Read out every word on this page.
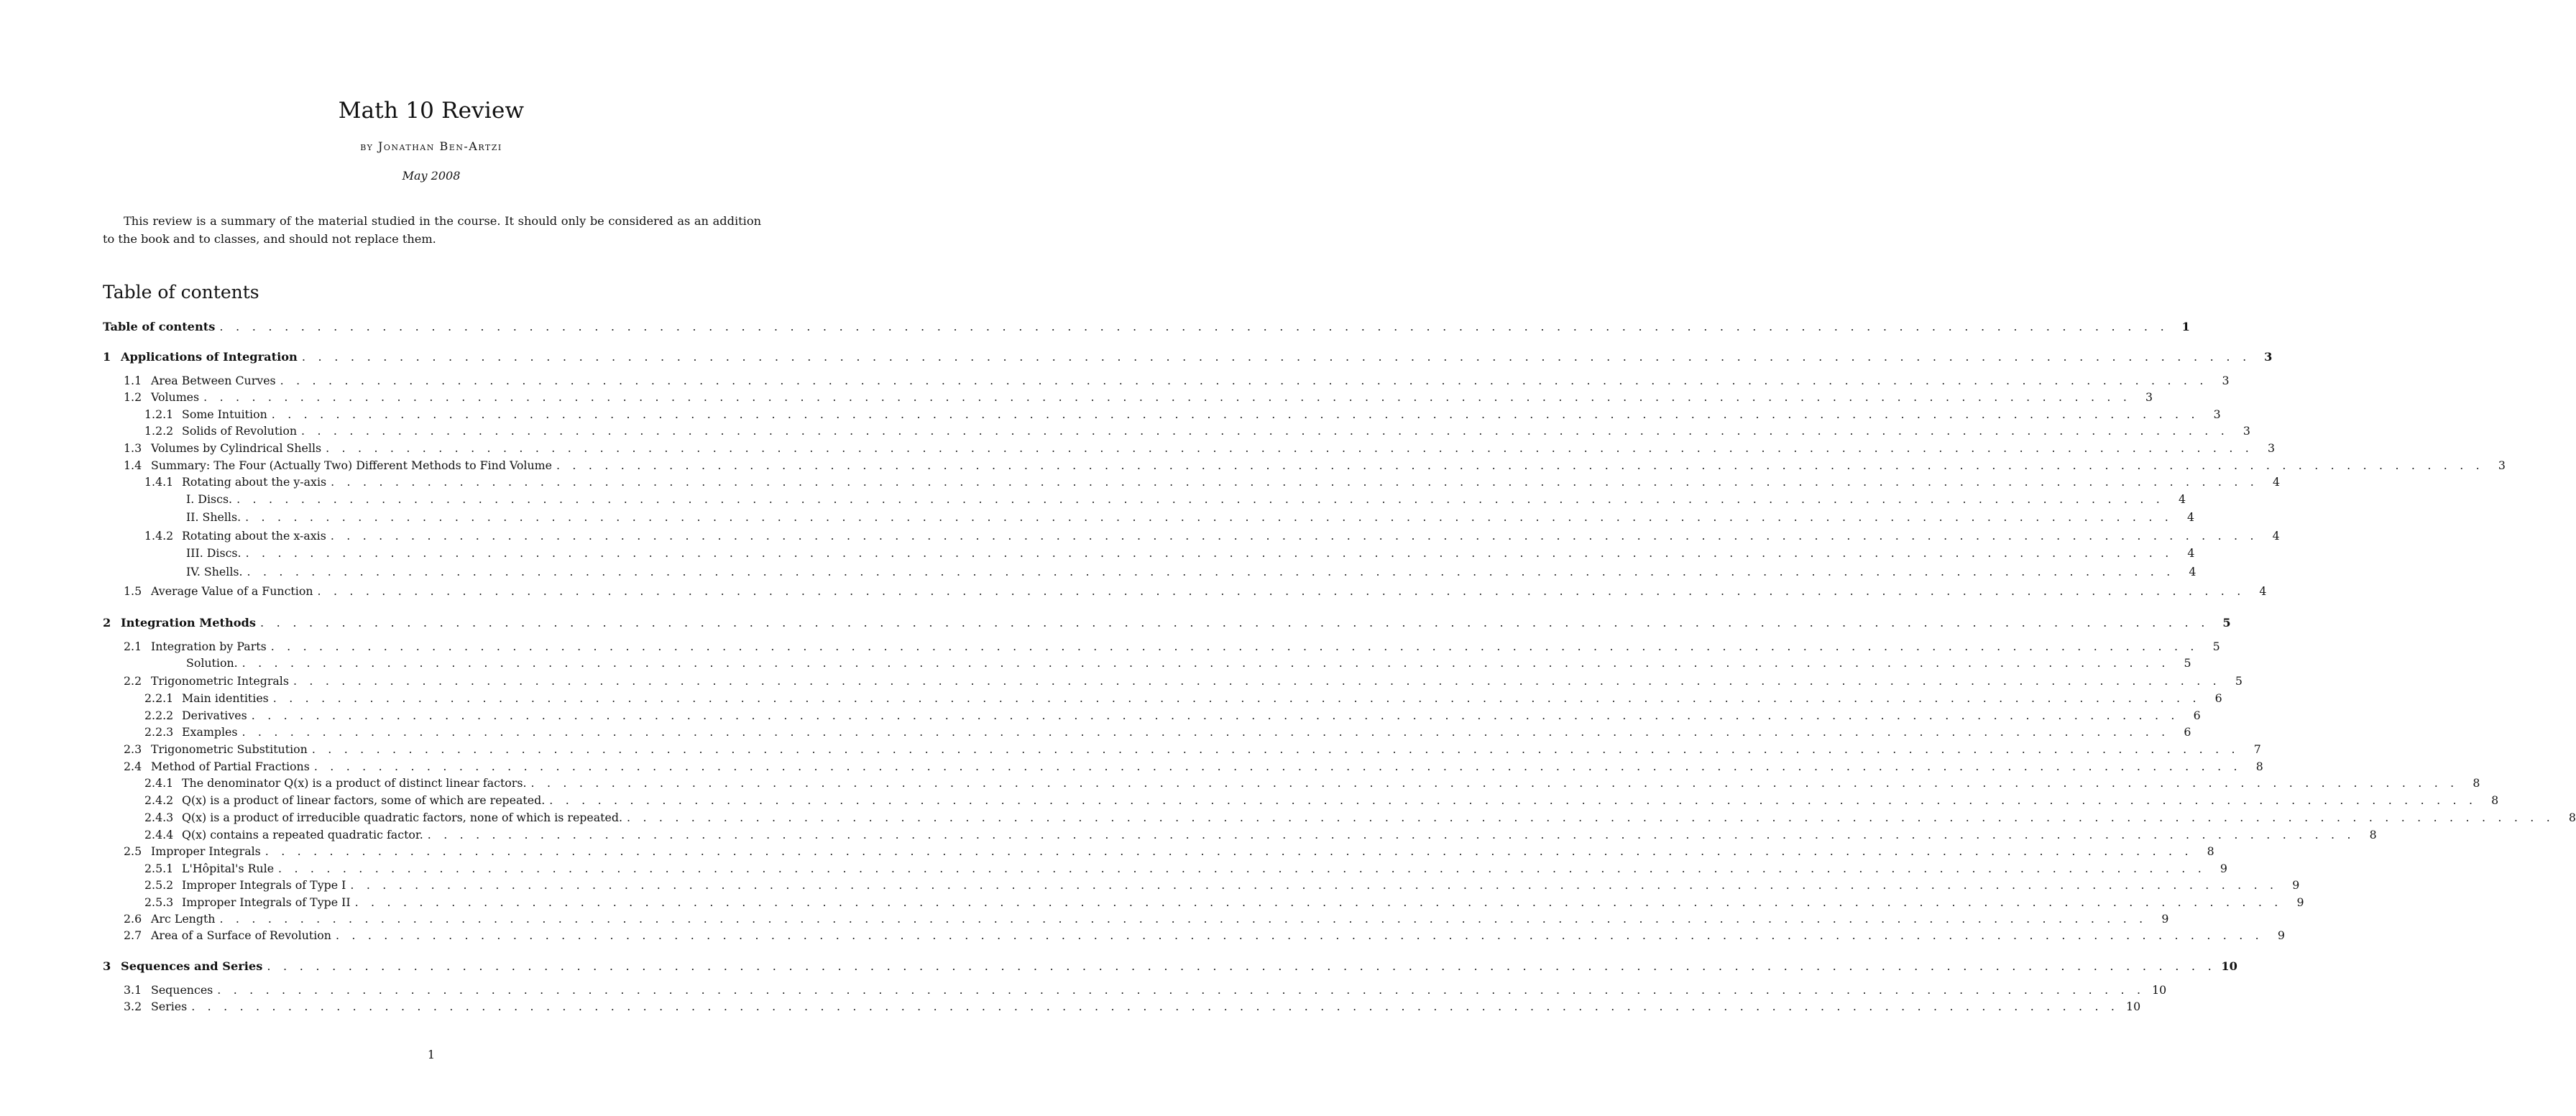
Math 10 Review
by Jonathan Ben-Artzi
May 2008

This review is a summary of the material studied in the course. It should only be considered as an addition to the book and to classes, and should not replace them.

Table of contents
Table of contents . . . . . . . . . . . . . . . . . . . . . . . . . . . . . . . . . . . . . . . . . . . . . . . . . . . . . . . . . . . . . . . . . . . . . . . . . . . . . . . . . . . . . . . . . . . . . . . . . . . . . . . . . . . . . . . . . . . . . . . .	1
1 Applications of Integration . . . . . . . . . . . . . . . . . . . . . . . . . . . . . . . . . . . . . . . . . . . . . . . . . . . . . . . . . . . . . . . . . . . . . . . . . . . . . . . . . . . . . . . . . . . . . . . . . . . . . . . . . . . . . . . . . . . . . . . .	3
1.1 Area Between Curves . . . . . . . . . . . . . . . . . . . . . . . . . . . . . . . . . . . . . . . . . . . . . . . . . . . . . . . . . . . . . . . . . . . . . . . . . . . . . . . . . . . . . . . . . . . . . . . . . . . . . . . . . . . . . . . . . . . . . . . .	3
1.2 Volumes . . . . . . . . . . . . . . . . . . . . . . . . . . . . . . . . . . . . . . . . . . . . . . . . . . . . . . . . . . . . . . . . . . . . . . . . . . . . . . . . . . . . . . . . . . . . . . . . . . . . . . . . . . . . . . . . . . . . . . . .	3
1.2.1 Some Intuition . . . . . . . . . . . . . . . . . . . . . . . . . . . . . . . . . . . . . . . . . . . . . . . . . . . . . . . . . . . . . . . . . . . . . . . . . . . . . . . . . . . . . . . . . . . . . . . . . . . . . . . . . . . . . . . . . . . . . . . .	3
1.2.2 Solids of Revolution . . . . . . . . . . . . . . . . . . . . . . . . . . . . . . . . . . . . . . . . . . . . . . . . . . . . . . . . . . . . . . . . . . . . . . . . . . . . . . . . . . . . . . . . . . . . . . . . . . . . . . . . . . . . . . . . . . . . . . . .	3
1.3 Volumes by Cylindrical Shells . . . . . . . . . . . . . . . . . . . . . . . . . . . . . . . . . . . . . . . . . . . . . . . . . . . . . . . . . . . . . . . . . . . . . . . . . . . . . . . . . . . . . . . . . . . . . . . . . . . . . . . . . . . . . . . . . . . . . . . .	3
1.4 Summary: The Four (Actually Two) Different Methods to Find Volume . . . . . . . . . . . . . . . . . . . . . . . . . . . . . . . . . . . . . . . . . . . . . . . . . . . . . . . . . . . . . . . . . . . . . . . . . . . . . . . . . . . . . . . . . . . . . . . . . . . . . . . . . . . . . . . . . . . . . . . .	3
1.4.1 Rotating about the y-axis . . . . . . . . . . . . . . . . . . . . . . . . . . . . . . . . . . . . . . . . . . . . . . . . . . . . . . . . . . . . . . . . . . . . . . . . . . . . . . . . . . . . . . . . . . . . . . . . . . . . . . . . . . . . . . . . . . . . . . . .	4
I. Discs. . . . . . . . . . . . . . . . . . . . . . . . . . . . . . . . . . . . . . . . . . . . . . . . . . . . . . . . . . . . . . . . . . . . . . . . . . . . . . . . . . . . . . . . . . . . . . . . . . . . . . . . . . . . . . . . . . . . . . . . .	4
II. Shells. . . . . . . . . . . . . . . . . . . . . . . . . . . . . . . . . . . . . . . . . . . . . . . . . . . . . . . . . . . . . . . . . . . . . . . . . . . . . . . . . . . . . . . . . . . . . . . . . . . . . . . . . . . . . . . . . . . . . . . . .	4
1.4.2 Rotating about the x-axis . . . . . . . . . . . . . . . . . . . . . . . . . . . . . . . . . . . . . . . . . . . . . . . . . . . . . . . . . . . . . . . . . . . . . . . . . . . . . . . . . . . . . . . . . . . . . . . . . . . . . . . . . . . . . . . . . . . . . . . .	4
III. Discs. . . . . . . . . . . . . . . . . . . . . . . . . . . . . . . . . . . . . . . . . . . . . . . . . . . . . . . . . . . . . . . . . . . . . . . . . . . . . . . . . . . . . . . . . . . . . . . . . . . . . . . . . . . . . . . . . . . . . . . . .	4
IV. Shells. . . . . . . . . . . . . . . . . . . . . . . . . . . . . . . . . . . . . . . . . . . . . . . . . . . . . . . . . . . . . . . . . . . . . . . . . . . . . . . . . . . . . . . . . . . . . . . . . . . . . . . . . . . . . . . . . . . . . . . . .	4
1.5 Average Value of a Function . . . . . . . . . . . . . . . . . . . . . . . . . . . . . . . . . . . . . . . . . . . . . . . . . . . . . . . . . . . . . . . . . . . . . . . . . . . . . . . . . . . . . . . . . . . . . . . . . . . . . . . . . . . . . . . . . . . . . . . .	4
2 Integration Methods . . . . . . . . . . . . . . . . . . . . . . . . . . . . . . . . . . . . . . . . . . . . . . . . . . . . . . . . . . . . . . . . . . . . . . . . . . . . . . . . . . . . . . . . . . . . . . . . . . . . . . . . . . . . . . . . . . . . . . . .	5
2.1 Integration by Parts . . . . . . . . . . . . . . . . . . . . . . . . . . . . . . . . . . . . . . . . . . . . . . . . . . . . . . . . . . . . . . . . . . . . . . . . . . . . . . . . . . . . . . . . . . . . . . . . . . . . . . . . . . . . . . . . . . . . . . . .	5
Solution. . . . . . . . . . . . . . . . . . . . . . . . . . . . . . . . . . . . . . . . . . . . . . . . . . . . . . . . . . . . . . . . . . . . . . . . . . . . . . . . . . . . . . . . . . . . . . . . . . . . . . . . . . . . . . . . . . . . . . . . .	5
2.2 Trigonometric Integrals . . . . . . . . . . . . . . . . . . . . . . . . . . . . . . . . . . . . . . . . . . . . . . . . . . . . . . . . . . . . . . . . . . . . . . . . . . . . . . . . . . . . . . . . . . . . . . . . . . . . . . . . . . . . . . . . . . . . . . . .	5
2.2.1 Main identities . . . . . . . . . . . . . . . . . . . . . . . . . . . . . . . . . . . . . . . . . . . . . . . . . . . . . . . . . . . . . . . . . . . . . . . . . . . . . . . . . . . . . . . . . . . . . . . . . . . . . . . . . . . . . . . . . . . . . . . .	6
2.2.2 Derivatives . . . . . . . . . . . . . . . . . . . . . . . . . . . . . . . . . . . . . . . . . . . . . . . . . . . . . . . . . . . . . . . . . . . . . . . . . . . . . . . . . . . . . . . . . . . . . . . . . . . . . . . . . . . . . . . . . . . . . . . .	6
2.2.3 Examples . . . . . . . . . . . . . . . . . . . . . . . . . . . . . . . . . . . . . . . . . . . . . . . . . . . . . . . . . . . . . . . . . . . . . . . . . . . . . . . . . . . . . . . . . . . . . . . . . . . . . . . . . . . . . . . . . . . . . . . .	6
2.3 Trigonometric Substitution . . . . . . . . . . . . . . . . . . . . . . . . . . . . . . . . . . . . . . . . . . . . . . . . . . . . . . . . . . . . . . . . . . . . . . . . . . . . . . . . . . . . . . . . . . . . . . . . . . . . . . . . . . . . . . . . . . . . . . . .	7
2.4 Method of Partial Fractions . . . . . . . . . . . . . . . . . . . . . . . . . . . . . . . . . . . . . . . . . . . . . . . . . . . . . . . . . . . . . . . . . . . . . . . . . . . . . . . . . . . . . . . . . . . . . . . . . . . . . . . . . . . . . . . . . . . . . . . .	8
2.4.1 The denominator Q(x) is a product of distinct linear factors. . . . . . . . . . . . . . . . . . . . . . . . . . . . . . . . . . . . . . . . . . . . . . . . . . . . . . . . . . . . . . . . . . . . . . . . . . . . . . . . . . . . . . . . . . . . . . . . . . . . . . . . . . . . . . . . . . . . . . . . .	8
2.4.2 Q(x) is a product of linear factors, some of which are repeated. . . . . . . . . . . . . . . . . . . . . . . . . . . . . . . . . . . . . . . . . . . . . . . . . . . . . . . . . . . . . . . . . . . . . . . . . . . . . . . . . . . . . . . . . . . . . . . . . . . . . . . . . . . . . . . . . . . . . . . . .	8
2.4.3 Q(x) is a product of irreducible quadratic factors, none of which is repeated. . . . . . . . . . . . . . . . . . . . . . . . . . . . . . . . . . . . . . . . . . . . . . . . . . . . . . . . . . . . . . . . . . . . . . . . . . . . . . . . . . . . . . . . . . . . . . . . . . . . . . . . . . . . . . . . . . . . . . . . .	8
2.4.4 Q(x) contains a repeated quadratic factor. . . . . . . . . . . . . . . . . . . . . . . . . . . . . . . . . . . . . . . . . . . . . . . . . . . . . . . . . . . . . . . . . . . . . . . . . . . . . . . . . . . . . . . . . . . . . . . . . . . . . . . . . . . . . . . . . . . . . . . . .	8
2.5 Improper Integrals . . . . . . . . . . . . . . . . . . . . . . . . . . . . . . . . . . . . . . . . . . . . . . . . . . . . . . . . . . . . . . . . . . . . . . . . . . . . . . . . . . . . . . . . . . . . . . . . . . . . . . . . . . . . . . . . . . . . . . . .	8
2.5.1 L'Hôpital's Rule . . . . . . . . . . . . . . . . . . . . . . . . . . . . . . . . . . . . . . . . . . . . . . . . . . . . . . . . . . . . . . . . . . . . . . . . . . . . . . . . . . . . . . . . . . . . . . . . . . . . . . . . . . . . . . . . . . . . . . . .	9
2.5.2 Improper Integrals of Type I . . . . . . . . . . . . . . . . . . . . . . . . . . . . . . . . . . . . . . . . . . . . . . . . . . . . . . . . . . . . . . . . . . . . . . . . . . . . . . . . . . . . . . . . . . . . . . . . . . . . . . . . . . . . . . . . . . . . . . . .	9
2.5.3 Improper Integrals of Type II . . . . . . . . . . . . . . . . . . . . . . . . . . . . . . . . . . . . . . . . . . . . . . . . . . . . . . . . . . . . . . . . . . . . . . . . . . . . . . . . . . . . . . . . . . . . . . . . . . . . . . . . . . . . . . . . . . . . . . . .	9
2.6 Arc Length . . . . . . . . . . . . . . . . . . . . . . . . . . . . . . . . . . . . . . . . . . . . . . . . . . . . . . . . . . . . . . . . . . . . . . . . . . . . . . . . . . . . . . . . . . . . . . . . . . . . . . . . . . . . . . . . . . . . . . . .	9
2.7 Area of a Surface of Revolution . . . . . . . . . . . . . . . . . . . . . . . . . . . . . . . . . . . . . . . . . . . . . . . . . . . . . . . . . . . . . . . . . . . . . . . . . . . . . . . . . . . . . . . . . . . . . . . . . . . . . . . . . . . . . . . . . . . . . . . .	9
3 Sequences and Series . . . . . . . . . . . . . . . . . . . . . . . . . . . . . . . . . . . . . . . . . . . . . . . . . . . . . . . . . . . . . . . . . . . . . . . . . . . . . . . . . . . . . . . . . . . . . . . . . . . . . . . . . . . . . . . . . . . . . . . . 10
3.1 Sequences . . . . . . . . . . . . . . . . . . . . . . . . . . . . . . . . . . . . . . . . . . . . . . . . . . . . . . . . . . . . . . . . . . . . . . . . . . . . . . . . . . . . . . . . . . . . . . . . . . . . . . . . . . . . . . . . . . . . . . . . 10
3.2 Series . . . . . . . . . . . . . . . . . . . . . . . . . . . . . . . . . . . . . . . . . . . . . . . . . . . . . . . . . . . . . . . . . . . . . . . . . . . . . . . . . . . . . . . . . . . . . . . . . . . . . . . . . . . . . . . . . . . . . . . . 10
1
